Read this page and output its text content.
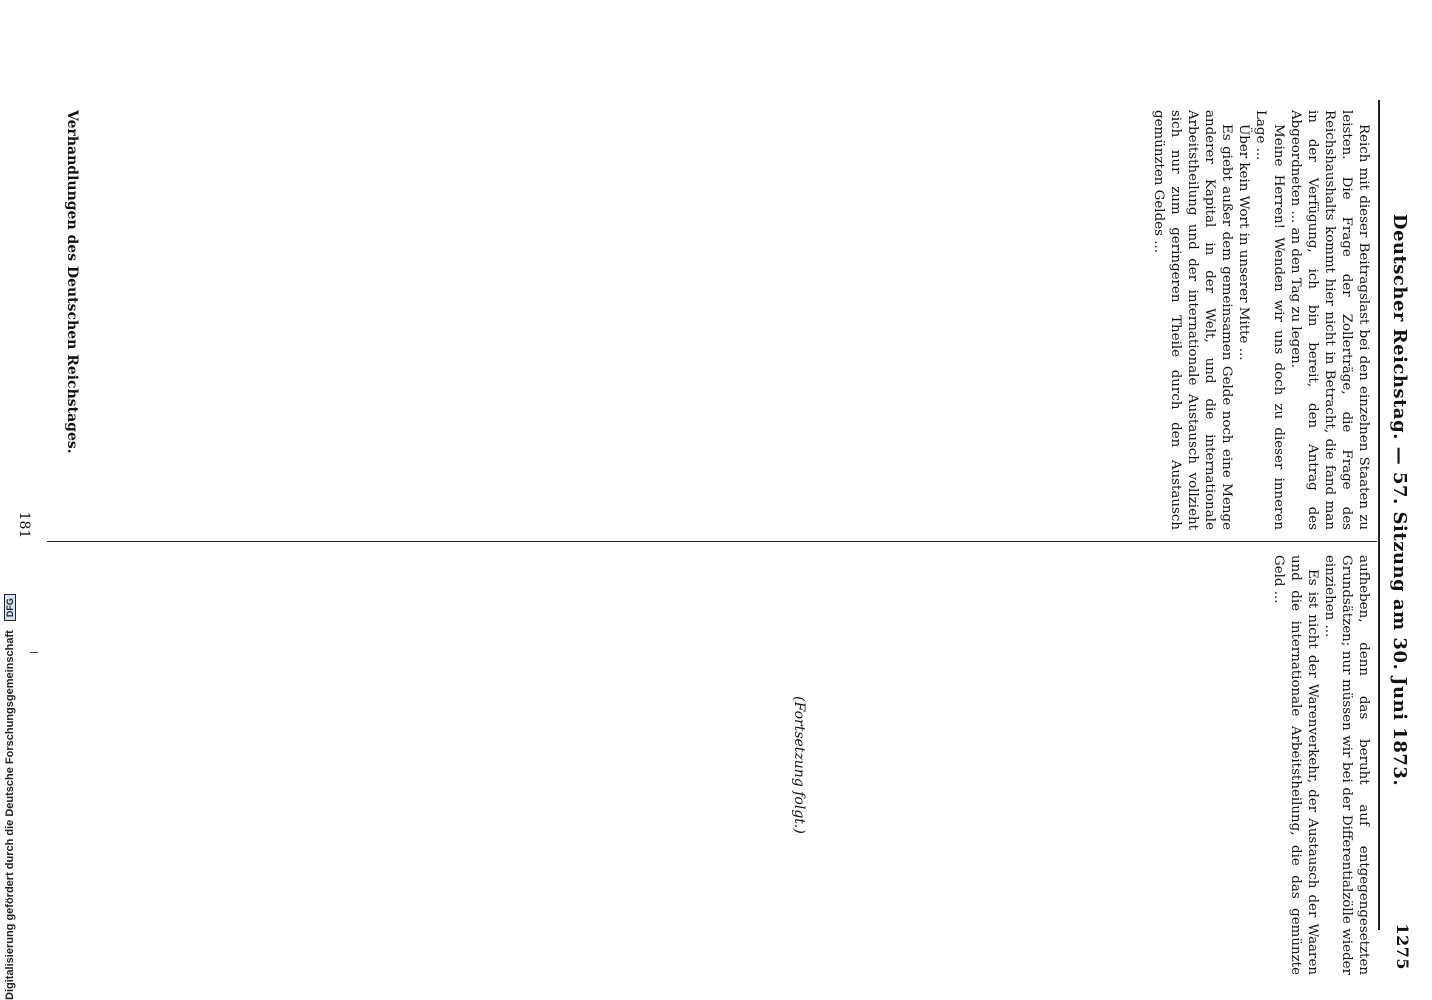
Deutscher Reichstag. — 57. Sitzung am 30. Juni 1873.
1275

Reich mit dieser Beitragslast bei den einzelnen Staaten zu leisten. Die Frage der Zollerträge, die Frage des Reichshaushalts kommt hier nicht in Betracht, die fand man in der Verfügung, ich bin bereit, den Antrag des Abgeordneten ... an den Tag zu legen.

Meine Herren! Wenden wir uns doch zu dieser inneren Lage ...

Über kein Wort in unserer Mitte ...

Es giebt außer dem gemeinsamen Gelde noch eine Menge anderer Kapital in der Welt, und die internationale Arbeitstheilung und der internationale Austausch vollzieht sich nur zum geringeren Theile durch den Austausch gemünzten Geldes ...

aufheben, denn das beruht auf entgegengesetzten Grundsätzen; nur müssen wir bei der Differentialzölle wieder einziehen ...

Es ist nicht der Warenverkehr, der Austausch der Waaren und die internationale Arbeitstheilung, die das gemünzte Geld ...

(Fortsetzung folgt.)
Verhandlungen des Deutschen Reichstages.
181
Digitalisierung gefördert durch die Deutsche Forschungsgemeinschaft DFG
